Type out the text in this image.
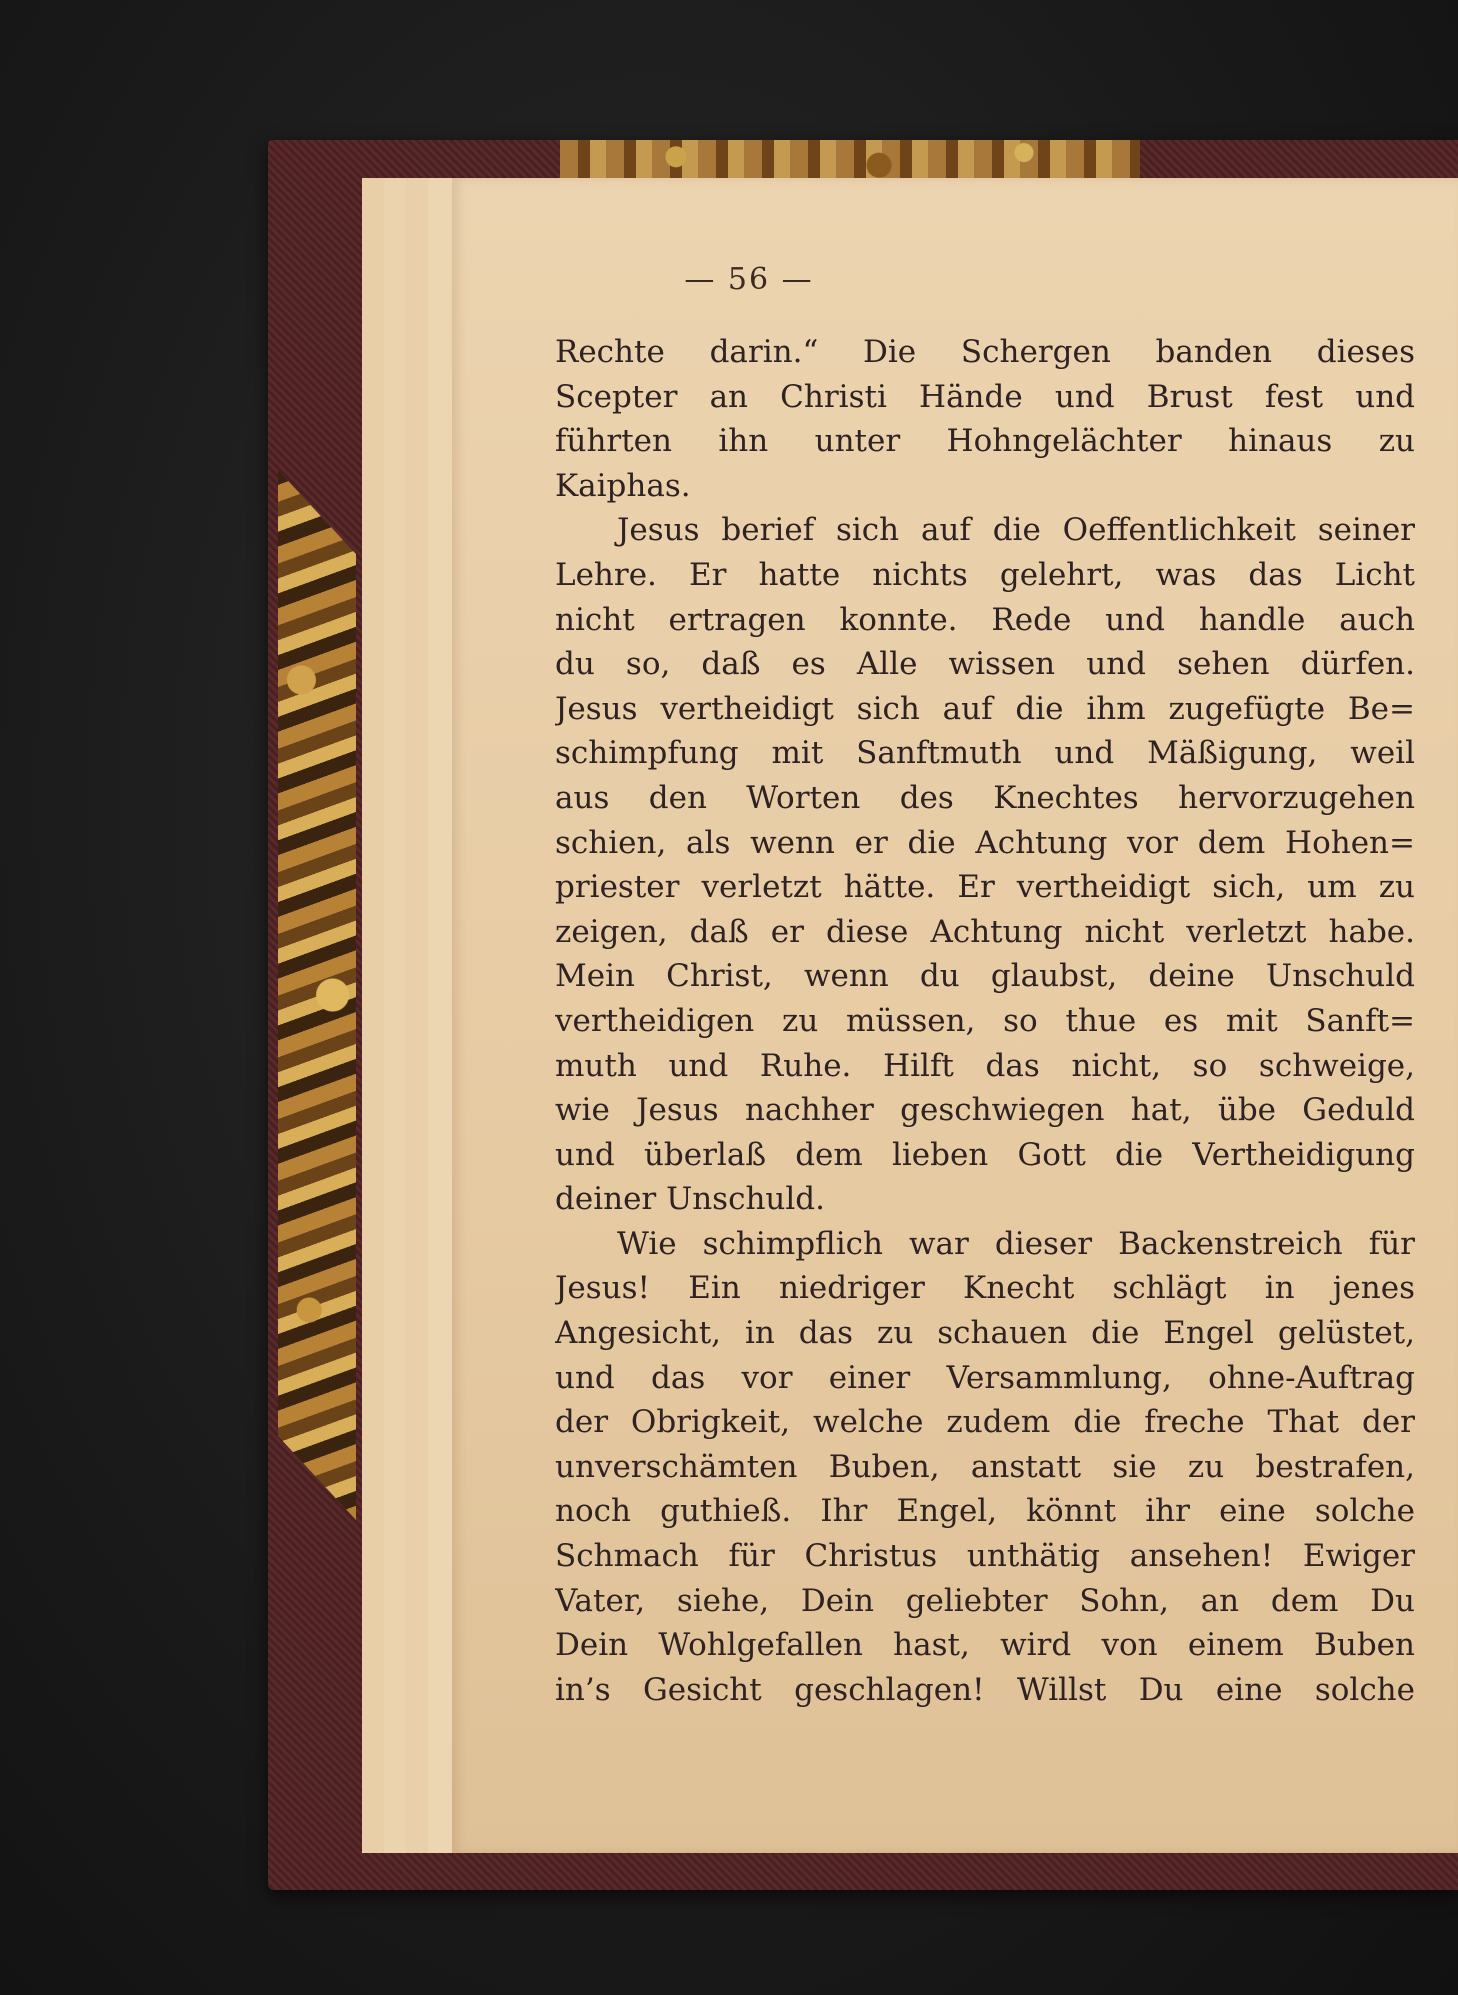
— 56 —
Rechte darin.“ Die Schergen banden dieses
Scepter an Christi Hände und Brust fest und
führten ihn unter Hohngelächter hinaus zu
Kaiphas.
Jesus berief sich auf die Oeffentlichkeit seiner
Lehre. Er hatte nichts gelehrt, was das Licht
nicht ertragen konnte. Rede und handle auch
du so, daß es Alle wissen und sehen dürfen.
Jesus vertheidigt sich auf die ihm zugefügte Be=
schimpfung mit Sanftmuth und Mäßigung, weil
aus den Worten des Knechtes hervorzugehen
schien, als wenn er die Achtung vor dem Hohen=
priester verletzt hätte. Er vertheidigt sich, um zu
zeigen, daß er diese Achtung nicht verletzt habe.
Mein Christ, wenn du glaubst, deine Unschuld
vertheidigen zu müssen, so thue es mit Sanft=
muth und Ruhe. Hilft das nicht, so schweige,
wie Jesus nachher geschwiegen hat, übe Geduld
und überlaß dem lieben Gott die Vertheidigung
deiner Unschuld.
Wie schimpflich war dieser Backenstreich für
Jesus! Ein niedriger Knecht schlägt in jenes
Angesicht, in das zu schauen die Engel gelüstet,
und das vor einer Versammlung, ohne-Auftrag
der Obrigkeit, welche zudem die freche That der
unverschämten Buben, anstatt sie zu bestrafen,
noch guthieß. Ihr Engel, könnt ihr eine solche
Schmach für Christus unthätig ansehen! Ewiger
Vater, siehe, Dein geliebter Sohn, an dem Du
Dein Wohlgefallen hast, wird von einem Buben
in’s Gesicht geschlagen! Willst Du eine solche
